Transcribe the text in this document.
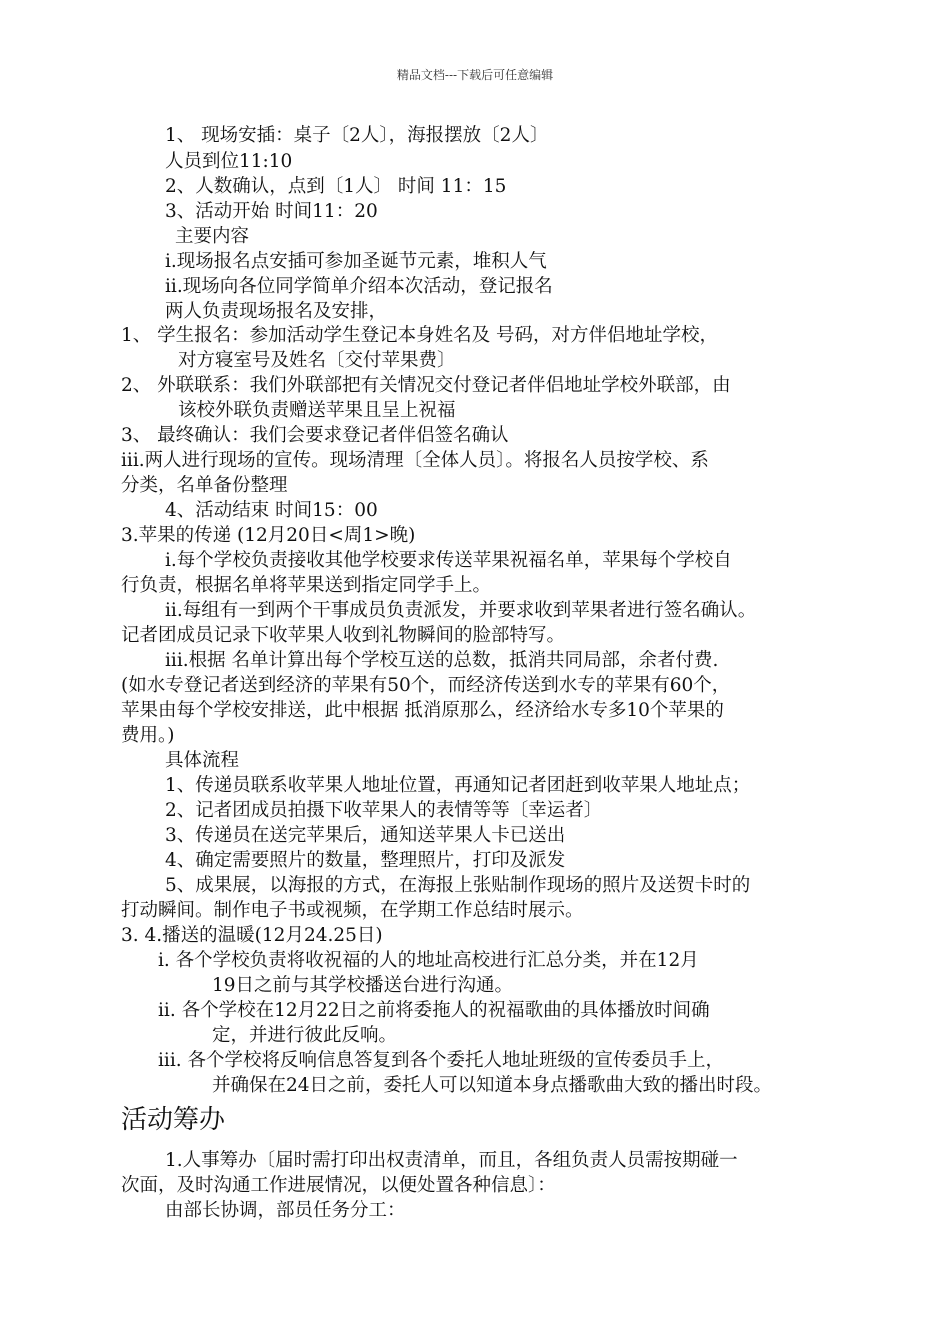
精品文档---下载后可任意编辑
1、 现场安插：桌子〔2人〕，海报摆放〔2人〕
人员到位11:10
2、人数确认，点到〔1人〕 时间 11：15
3、活动开始 时间11：20
主要内容
i.现场报名点安插可参加圣诞节元素，堆积人气
ii.现场向各位同学简单介绍本次活动，登记报名
两人负责现场报名及安排，
1、 学生报名：参加活动学生登记本身姓名及 号码，对方伴侣地址学校，
对方寝室号及姓名〔交付苹果费〕
2、 外联联系：我们外联部把有关情况交付登记者伴侣地址学校外联部，由
该校外联负责赠送苹果且呈上祝福
3、 最终确认：我们会要求登记者伴侣签名确认
iii.两人进行现场的宣传。现场清理〔全体人员〕。将报名人员按学校、系
分类，名单备份整理
4、活动结束 时间15：00
3.苹果的传递 (12月20日<周1>晚)
i.每个学校负责接收其他学校要求传送苹果祝福名单，苹果每个学校自
行负责，根据名单将苹果送到指定同学手上。
ii.每组有一到两个干事成员负责派发，并要求收到苹果者进行签名确认。
记者团成员记录下收苹果人收到礼物瞬间的脸部特写。
iii.根据 名单计算出每个学校互送的总数，抵消共同局部，余者付费.
(如水专登记者送到经济的苹果有50个，而经济传送到水专的苹果有60个，
苹果由每个学校安排送，此中根据 抵消原那么，经济给水专多10个苹果的
费用。)
具体流程
1、传递员联系收苹果人地址位置，再通知记者团赶到收苹果人地址点；
2、记者团成员拍摄下收苹果人的表情等等〔幸运者〕
3、传递员在送完苹果后，通知送苹果人卡已送出
4、确定需要照片的数量，整理照片，打印及派发
5、成果展，以海报的方式，在海报上张贴制作现场的照片及送贺卡时的
打动瞬间。制作电子书或视频，在学期工作总结时展示。
3. 4.播送的温暖(12月24.25日)
i. 各个学校负责将收祝福的人的地址高校进行汇总分类，并在12月
19日之前与其学校播送台进行沟通。
ii. 各个学校在12月22日之前将委拖人的祝福歌曲的具体播放时间确
定，并进行彼此反响。
iii. 各个学校将反响信息答复到各个委托人地址班级的宣传委员手上，
并确保在24日之前，委托人可以知道本身点播歌曲大致的播出时段。
活动筹办
1.人事筹办〔届时需打印出权责清单，而且，各组负责人员需按期碰一
次面，及时沟通工作进展情况，以便处置各种信息〕：
由部长协调，部员任务分工：
